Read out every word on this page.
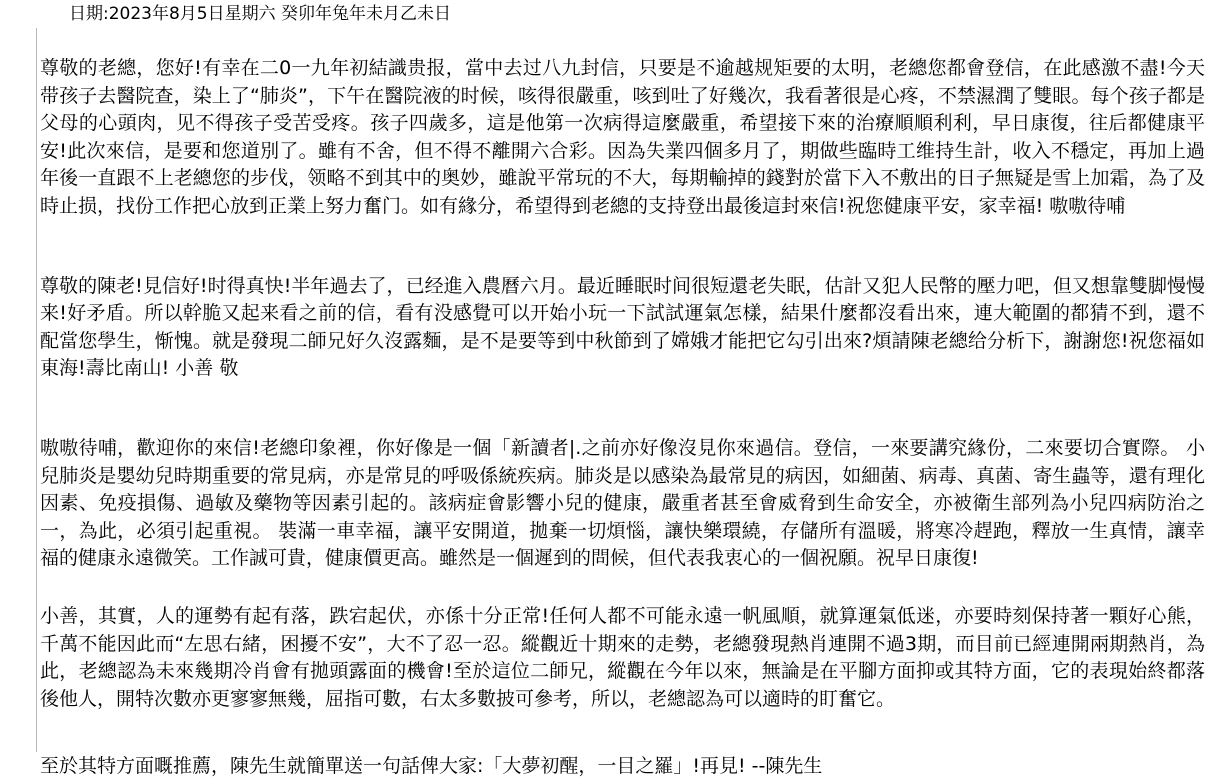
日期:2023年8月5日星期六 癸卯年兔年未月乙未日

尊敬的老總，您好!有幸在二0一九年初結識贵报，當中去过八九封信，只要是不逾越规矩要的太明，老總您都會登信，在此感激不盡!今天带孩子去醫院查，染上了“肺炎”，下午在醫院液的时候，咳得很嚴重，咳到吐了好幾次，我看著很是心疼，不禁濕潤了雙眼。每个孩子都是父母的心頭肉，见不得孩子受苦受疼。孩子四歲多，這是他第一次病得這麼嚴重，希望接下來的治療順順利利，早日康復，往后都健康平安!此次來信，是要和您道別了。雖有不舍，但不得不離開六合彩。因為失業四個多月了，期做些臨時工维持生計，收入不穩定，再加上過年後一直跟不上老總您的步伐，领略不到其中的奥妙，雖說平常玩的不大，每期輸掉的錢對於當下入不敷出的日子無疑是雪上加霜，為了及時止损，找份工作把心放到正業上努力奮门。如有緣分，希望得到老總的支持登出最後這封來信!祝您健康平安，家幸福! 嗷嗷待哺

尊敬的陳老!見信好!时得真快!半年過去了，已经進入農曆六月。最近睡眠时间很短還老失眠，估計又犯人民幣的壓力吧，但又想靠雙脚慢慢来!好矛盾。所以幹脆又起来看之前的信，看有没感覺可以开始小玩一下試試運氣怎樣，結果什麼都沒看出來，連大範圍的都猜不到，還不配當您學生，惭愧。就是發現二師兄好久沒露麵，是不是要等到中秋節到了嫦娥才能把它勾引出來?煩請陳老總给分析下，謝謝您!祝您福如東海!壽比南山! 小善 敬

嗷嗷待哺，歡迎你的來信!老總印象裡，你好像是一個「新讀者|.之前亦好像沒見你來過信。登信，一來要講究緣份，二來要切合實際。 小兒肺炎是嬰幼兒時期重要的常見病，亦是常見的呼吸係統疾病。肺炎是以感染為最常見的病因，如細菌、病毒、真菌、寄生蟲等，還有理化因素、免疫損傷、過敏及藥物等因素引起的。該病症會影響小兒的健康，嚴重者甚至會威脅到生命安全，亦被衛生部列為小兒四病防治之一，為此，必須引起重視。 裝滿一車幸福，讓平安開道，拋棄一切煩惱，讓快樂環繞，存儲所有溫暖，將寒冷趕跑，釋放一生真情，讓幸福的健康永遠微笑。工作誠可貴，健康價更高。雖然是一個遲到的問候，但代表我衷心的一個祝願。祝早日康復!

小善，其實，人的運勢有起有落，跌宕起伏，亦係十分正常!任何人都不可能永遠一帆風順，就算運氣低迷，亦要時刻保持著一顆好心熊，千萬不能因此而“左思右緒，困擾不安”，大不了忍一忍。縱觀近十期來的走勢，老總發現熱肖連開不過3期，而目前已經連開兩期熱肖，為此，老總認為未來幾期冷肖會有拋頭露面的機會!至於這位二師兄，縱觀在今年以來，無論是在平腳方面抑或其特方面，它的表現始終都落後他人，開特次數亦更寥寥無幾，屈指可數，右太多數披可參考，所以，老總認為可以適時的盯奮它。

至於其特方面嘅推薦，陳先生就簡單送一句話俾大家:「大夢初醒，一目之羅」!再見! --陳先生
